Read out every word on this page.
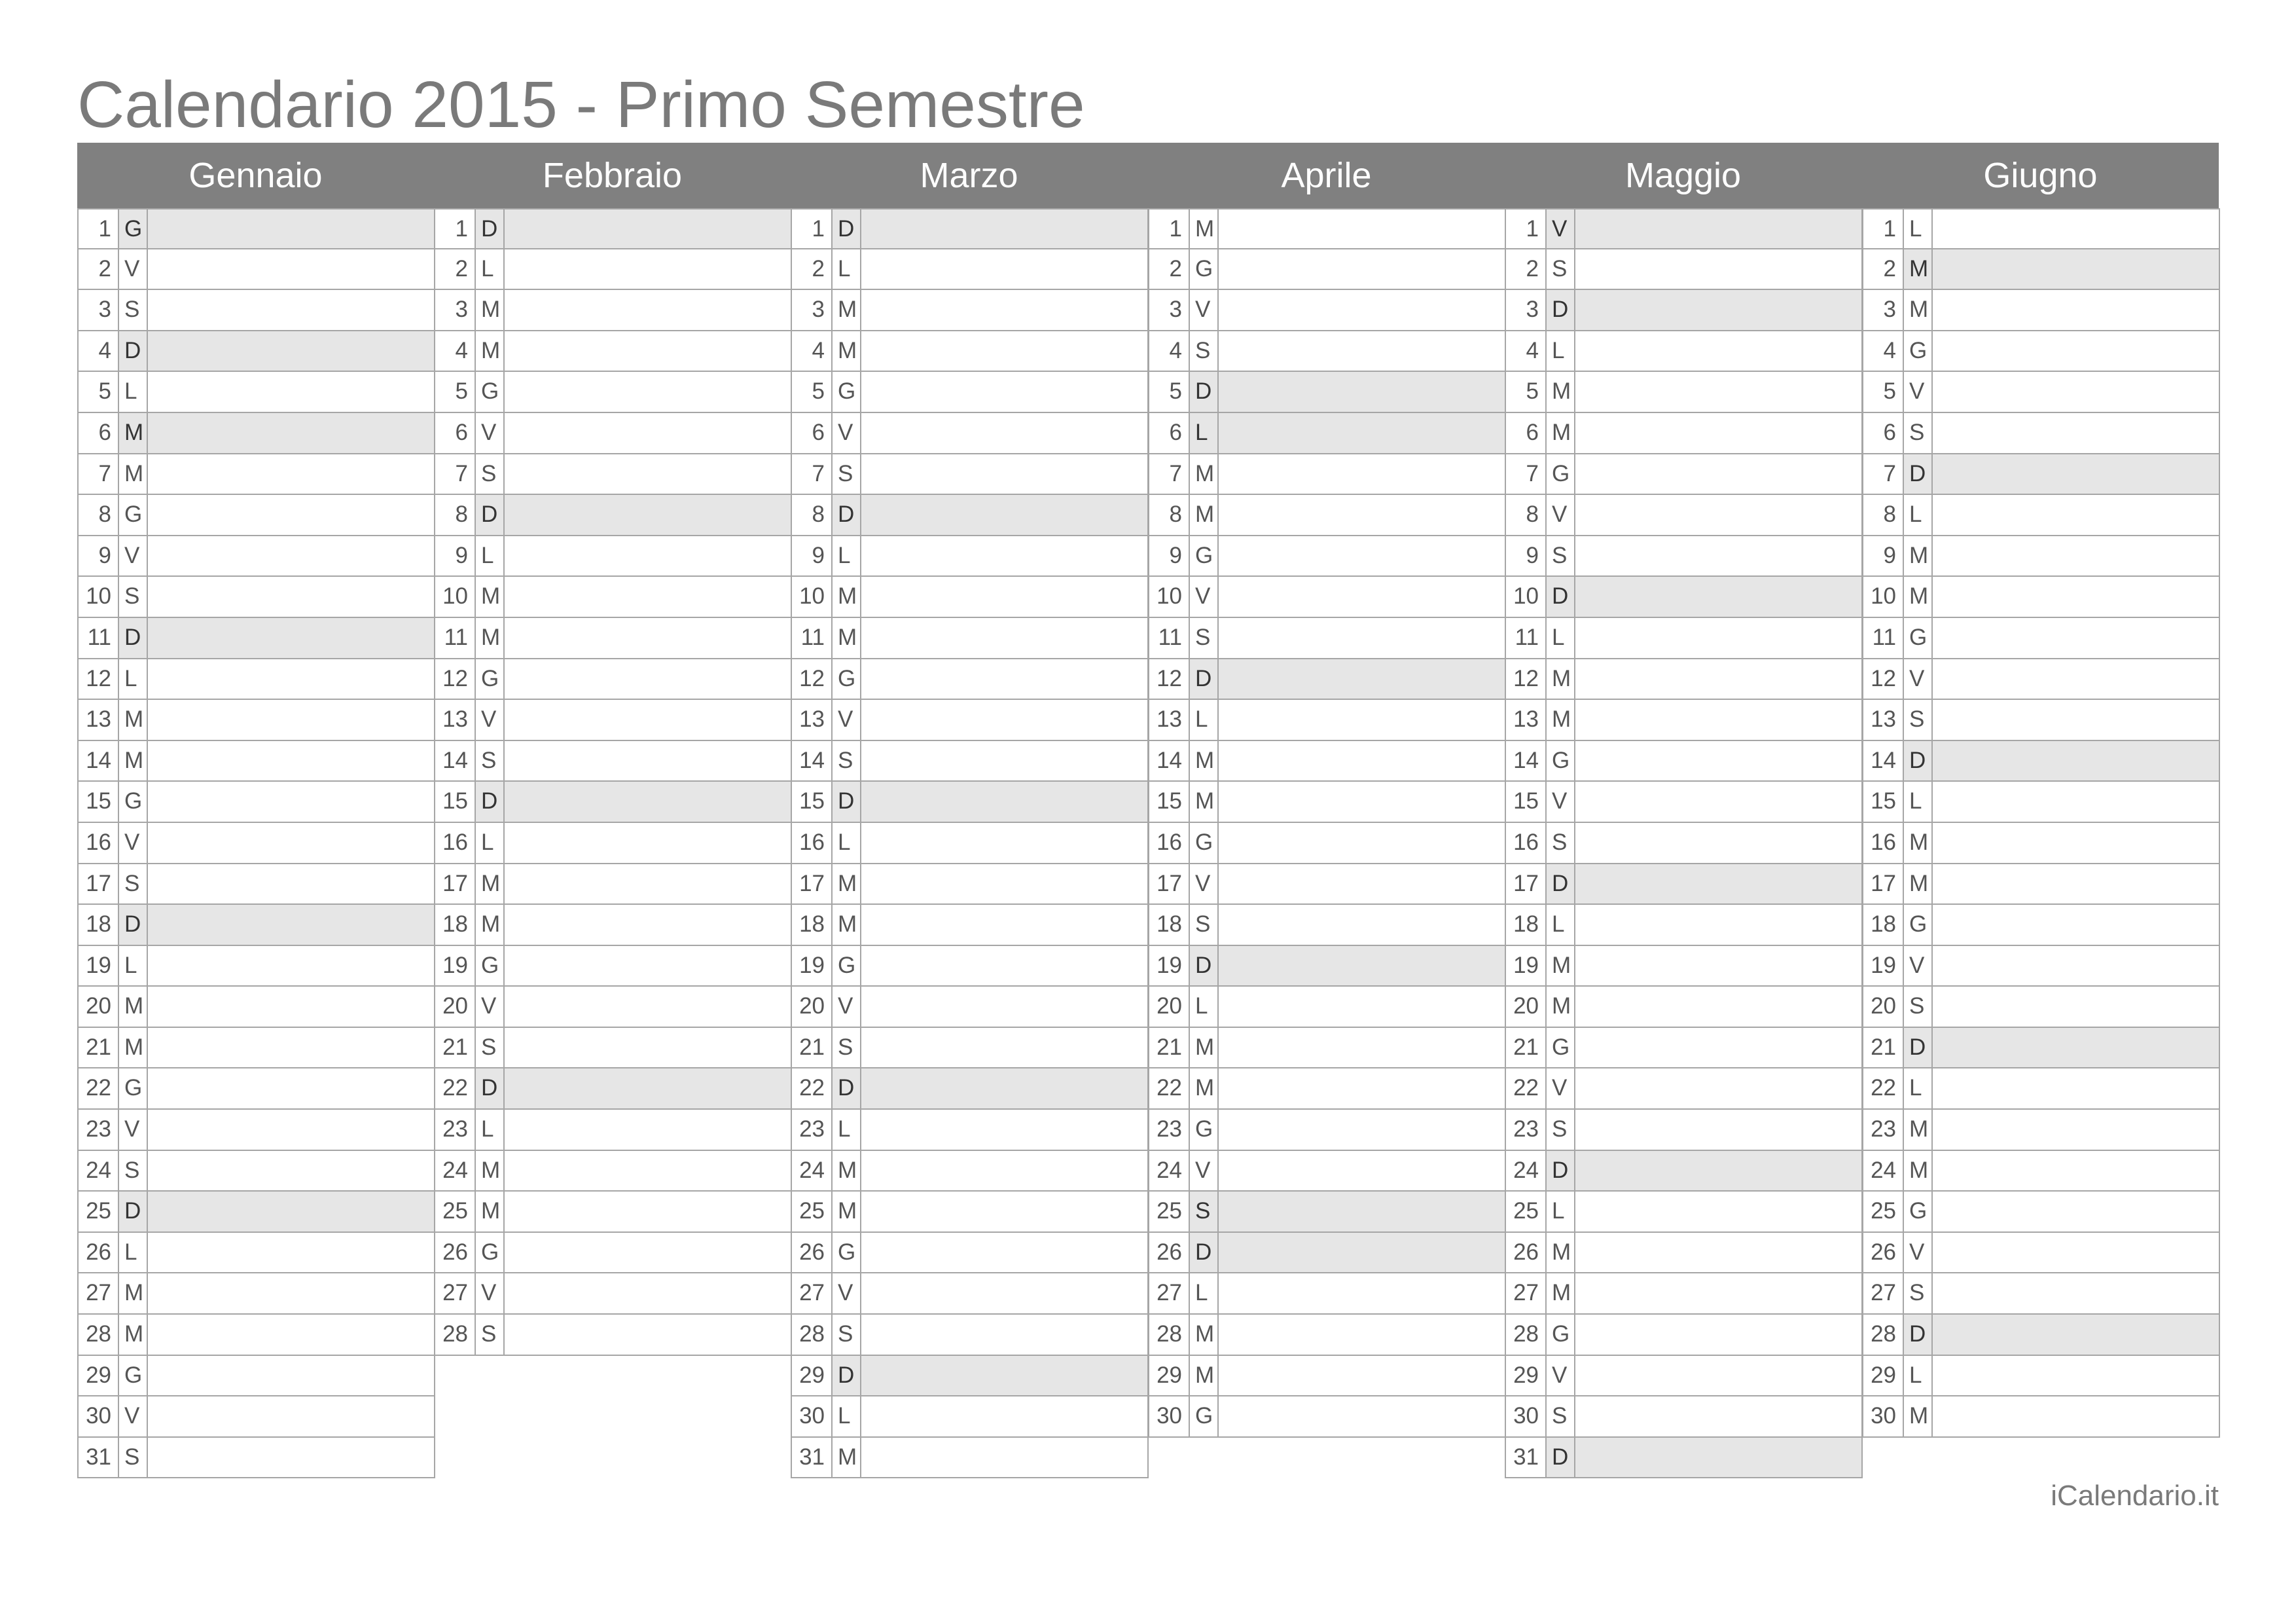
Calendario 2015 - Primo Semestre
Gennaio
1 G
2 V
3 S
4 D
5 L
6 M
7 M
8 G
9 V
10 S
11 D
12 L
13 M
14 M
15 G
16 V
17 S
18 D
19 L
20 M
21 M
22 G
23 V
24 S
25 D
26 L
27 M
28 M
29 G
30 V
31 S
Febbraio
1 D
2 L
3 M
4 M
5 G
6 V
7 S
8 D
9 L
10 M
11 M
12 G
13 V
14 S
15 D
16 L
17 M
18 M
19 G
20 V
21 S
22 D
23 L
24 M
25 M
26 G
27 V
28 S
Marzo
1 D
2 L
3 M
4 M
5 G
6 V
7 S
8 D
9 L
10 M
11 M
12 G
13 V
14 S
15 D
16 L
17 M
18 M
19 G
20 V
21 S
22 D
23 L
24 M
25 M
26 G
27 V
28 S
29 D
30 L
31 M
Aprile
1 M
2 G
3 V
4 S
5 D
6 L
7 M
8 M
9 G
10 V
11 S
12 D
13 L
14 M
15 M
16 G
17 V
18 S
19 D
20 L
21 M
22 M
23 G
24 V
25 S
26 D
27 L
28 M
29 M
30 G
Maggio
1 V
2 S
3 D
4 L
5 M
6 M
7 G
8 V
9 S
10 D
11 L
12 M
13 M
14 G
15 V
16 S
17 D
18 L
19 M
20 M
21 G
22 V
23 S
24 D
25 L
26 M
27 M
28 G
29 V
30 S
31 D
Giugno
1 L
2 M
3 M
4 G
5 V
6 S
7 D
8 L
9 M
10 M
11 G
12 V
13 S
14 D
15 L
16 M
17 M
18 G
19 V
20 S
21 D
22 L
23 M
24 M
25 G
26 V
27 S
28 D
29 L
30 M
iCalendario.it
